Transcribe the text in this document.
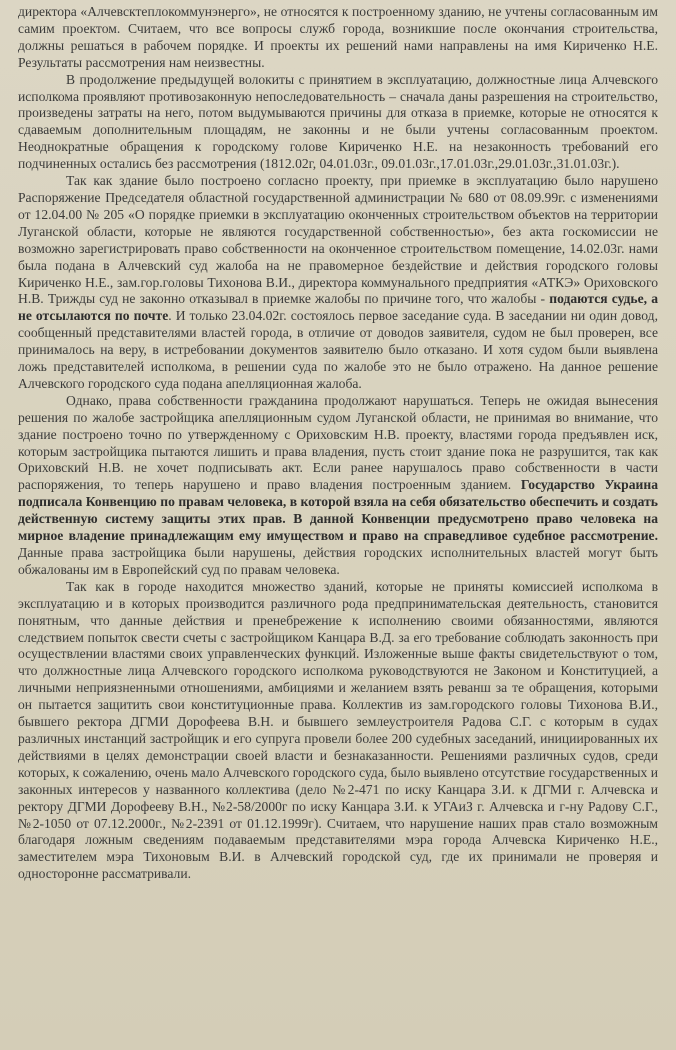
директора «Алчевсктеплокоммунэнерго», не относятся к построенному зданию, не учтены согласованным им самим проектом. Считаем, что все вопросы служб города, возникшие после окончания строительства, должны решаться в рабочем порядке. И проекты их решений нами направлены на имя Кириченко Н.Е. Результаты рассмотрения нам неизвестны.

В продолжение предыдущей волокиты с принятием в эксплуатацию, должностные лица Алчевского исполкома проявляют противозаконную непоследовательность – сначала даны разрешения на строительство, произведены затраты на него, потом выдумываются причины для отказа в приемке, которые не относятся к сдаваемым дополнительным площадям, не законны и не были учтены согласованным проектом. Неоднократные обращения к городскому голове Кириченко Н.Е. на незаконность требований его подчиненных остались без рассмотрения (1812.02г, 04.01.03г., 09.01.03г.,17.01.03г.,29.01.03г.,31.01.03г.).

Так как здание было построено согласно проекту, при приемке в эксплуатацию было нарушено Распоряжение Председателя областной государственной администрации № 680 от 08.09.99г. с изменениями от 12.04.00 № 205 «О порядке приемки в эксплуатацию оконченных строительством объектов на территории Луганской области, которые не являются государственной собственностью», без акта госкомиссии не возможно зарегистрировать право собственности на оконченное строительством помещение, 14.02.03г. нами была подана в Алчевский суд жалоба на не правомерное бездействие и действия городского головы Кириченко Н.Е., зам.гор.головы Тихонова В.И., директора коммунального предприятия «АТКЭ» Ориховского Н.В. Трижды суд не законно отказывал в приемке жалобы по причине того, что жалобы - подаются судье, а не отсылаются по почте. И только 23.04.02г. состоялось первое заседание суда. В заседании ни один довод, сообщенный представителями властей города, в отличие от доводов заявителя, судом не был проверен, все принималось на веру, в истребовании документов заявителю было отказано. И хотя судом были выявлена ложь представителей исполкома, в решении суда по жалобе это не было отражено. На данное решение Алчевского городского суда подана апелляционная жалоба.

Однако, права собственности гражданина продолжают нарушаться. Теперь не ожидая вынесения решения по жалобе застройщика апелляционным судом Луганской области, не принимая во внимание, что здание построено точно по утвержденному с Ориховским Н.В. проекту, властями города предъявлен иск, которым застройщика пытаются лишить и права владения, пусть стоит здание пока не разрушится, так как Ориховский Н.В. не хочет подписывать акт. Если ранее нарушалось право собственности в части распоряжения, то теперь нарушено и право владения построенным зданием. Государство Украина подписала Конвенцию по правам человека, в которой взяла на себя обязательство обеспечить и создать действенную систему защиты этих прав. В данной Конвенции предусмотрено право человека на мирное владение принадлежащим ему имуществом и право на справедливое судебное рассмотрение. Данные права застройщика были нарушены, действия городских исполнительных властей могут быть обжалованы им в Европейский суд по правам человека.

Так как в городе находится множество зданий, которые не приняты комиссией исполкома в эксплуатацию и в которых производится различного рода предпринимательская деятельность, становится понятным, что данные действия и пренебрежение к исполнению своими обязанностями, являются следствием попыток свести счеты с застройщиком Канцара В.Д. за его требование соблюдать законность при осуществлении властями своих управленческих функций. Изложенные выше факты свидетельствуют о том, что должностные лица Алчевского городского исполкома руководствуются не Законом и Конституцией, а личными неприязненными отношениями, амбициями и желанием взять реванш за те обращения, которыми он пытается защитить свои конституционные права. Коллектив из зам.городского головы Тихонова В.И., бывшего ректора ДГМИ Дорофеева В.Н. и бывшего землеустроителя Радова С.Г. с которым в судах различных инстанций застройщик и его супруга провели более 200 судебных заседаний, инициированных их действиями в целях демонстрации своей власти и безнаказанности. Решениями различных судов, среди которых, к сожалению, очень мало Алчевского городского суда, было выявлено отсутствие государственных и законных интересов у названного коллектива (дело №2-471 по иску Канцара З.И. к ДГМИ г. Алчевска и ректору ДГМИ Дорофееву В.Н., №2-58/2000г по иску Канцара З.И. к УГАиЗ г. Алчевска и г-ну Радову С.Г., №2-1050 от 07.12.2000г., №2-2391 от 01.12.1999г). Считаем, что нарушение наших прав стало возможным благодаря ложным сведениям подаваемым представителями мэра города Алчевска Кириченко Н.Е., заместителем мэра Тихоновым В.И. в Алчевский городской суд, где их принимали не проверяя и односторонне рассматривали.
